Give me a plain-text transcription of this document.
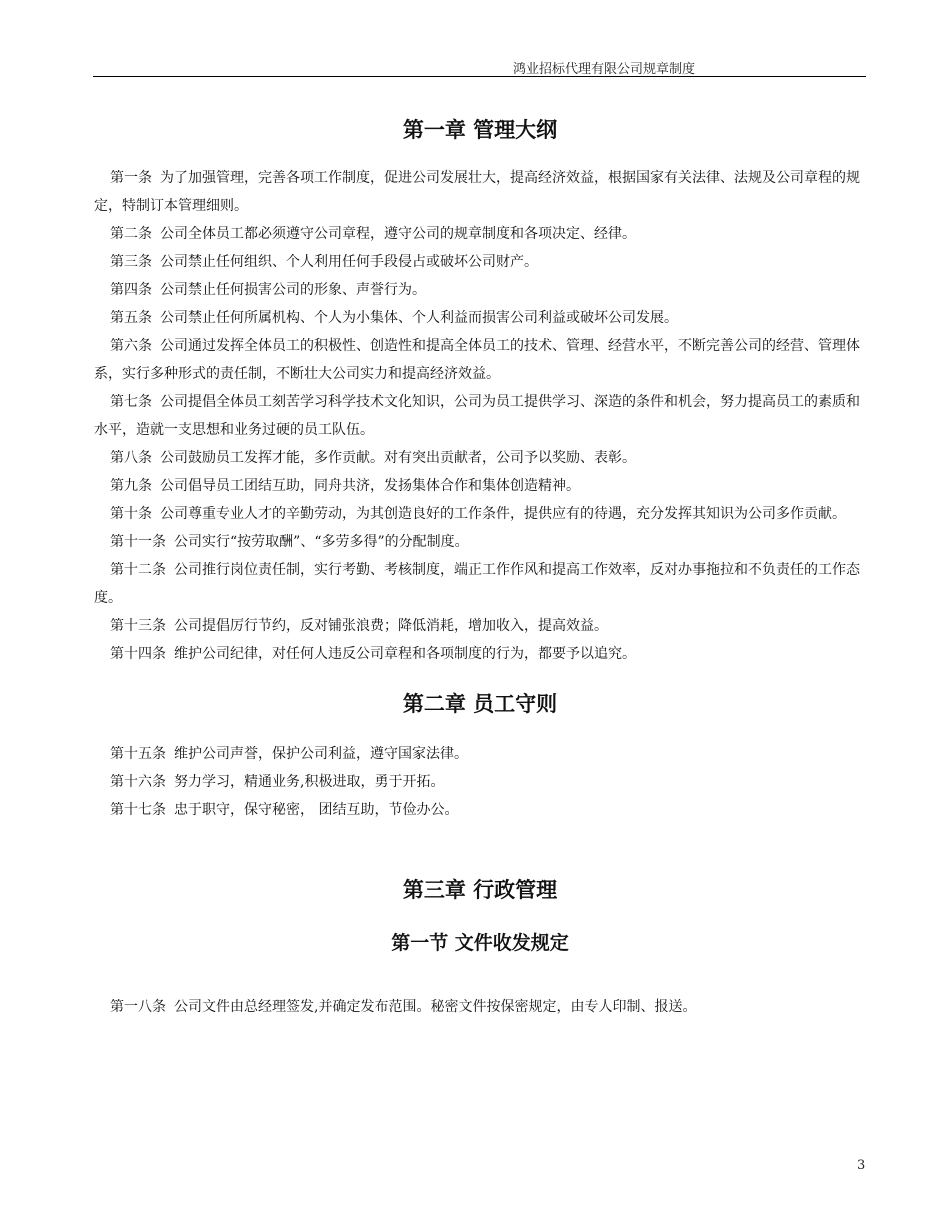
鸿业招标代理有限公司规章制度
第一章 管理大纲

第一条 为了加强管理，完善各项工作制度，促进公司发展壮大，提高经济效益，根据国家有关法律、法规及公司章程的规定，特制订本管理细则。

第二条 公司全体员工都必须遵守公司章程，遵守公司的规章制度和各项决定、经律。

第三条 公司禁止任何组织、个人利用任何手段侵占或破坏公司财产。

第四条 公司禁止任何损害公司的形象、声誉行为。

第五条 公司禁止任何所属机构、个人为小集体、个人利益而损害公司利益或破坏公司发展。

第六条 公司通过发挥全体员工的积极性、创造性和提高全体员工的技术、管理、经营水平，不断完善公司的经营、管理体系，实行多种形式的责任制，不断壮大公司实力和提高经济效益。

第七条 公司提倡全体员工刻苦学习科学技术文化知识，公司为员工提供学习、深造的条件和机会，努力提高员工的素质和水平，造就一支思想和业务过硬的员工队伍。

第八条 公司鼓励员工发挥才能，多作贡献。对有突出贡献者，公司予以奖励、表彰。

第九条 公司倡导员工团结互助，同舟共济，发扬集体合作和集体创造精神。

第十条 公司尊重专业人才的辛勤劳动，为其创造良好的工作条件，提供应有的待遇，充分发挥其知识为公司多作贡献。

第十一条 公司实行“按劳取酬”、“多劳多得”的分配制度。

第十二条 公司推行岗位责任制，实行考勤、考核制度，端正工作作风和提高工作效率，反对办事拖拉和不负责任的工作态度。

第十三条 公司提倡厉行节约，反对铺张浪费；降低消耗，增加收入，提高效益。

第十四条 维护公司纪律，对任何人违反公司章程和各项制度的行为，都要予以追究。

第二章 员工守则

第十五条 维护公司声誉，保护公司利益，遵守国家法律。

第十六条 努力学习，精通业务,积极进取，勇于开拓。

第十七条 忠于职守，保守秘密， 团结互助，节俭办公。

第三章 行政管理
第一节 文件收发规定

第一八条 公司文件由总经理签发,并确定发布范围。秘密文件按保密规定，由专人印制、报送。

3
